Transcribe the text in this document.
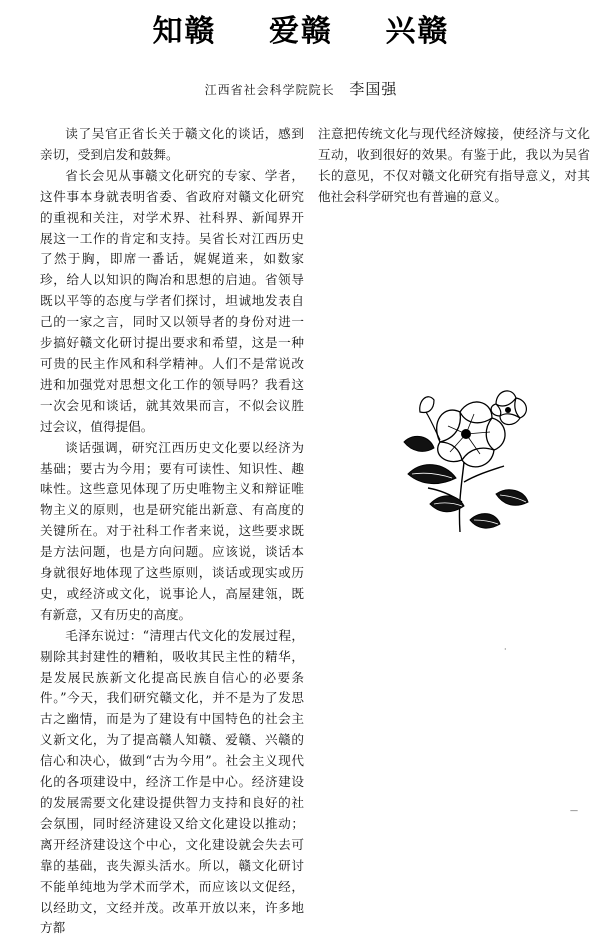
知赣 爱赣 兴赣
江西省社会科学院院长 李国强

读了吴官正省长关于赣文化的谈话，感到亲切，受到启发和鼓舞。

省长会见从事赣文化研究的专家、学者，这件事本身就表明省委、省政府对赣文化研究的重视和关注，对学术界、社科界、新闻界开展这一工作的肯定和支持。吴省长对江西历史了然于胸，即席一番话，娓娓道来，如数家珍，给人以知识的陶冶和思想的启迪。省领导既以平等的态度与学者们探讨，坦诚地发表自己的一家之言，同时又以领导者的身份对进一步搞好赣文化研讨提出要求和希望，这是一种可贵的民主作风和科学精神。人们不是常说改进和加强党对思想文化工作的领导吗？我看这一次会见和谈话，就其效果而言，不似会议胜过会议，值得提倡。

谈话强调，研究江西历史文化要以经济为基础；要古为今用；要有可读性、知识性、趣味性。这些意见体现了历史唯物主义和辩证唯物主义的原则，也是研究能出新意、有高度的关键所在。对于社科工作者来说，这些要求既是方法问题，也是方向问题。应该说，谈话本身就很好地体现了这些原则，谈话或现实或历史，或经济或文化，说事论人，高屋建瓴，既有新意，又有历史的高度。

毛泽东说过：“清理古代文化的发展过程，剔除其封建性的糟粕，吸收其民主性的精华，是发展民族新文化提高民族自信心的必要条件。”今天，我们研究赣文化，并不是为了发思古之幽情，而是为了建设有中国特色的社会主义新文化，为了提高赣人知赣、爱赣、兴赣的信心和决心，做到“古为今用”。社会主义现代化的各项建设中，经济工作是中心。经济建设的发展需要文化建设提供智力支持和良好的社会氛围，同时经济建设又给文化建设以推动；离开经济建设这个中心，文化建设就会失去可靠的基础，丧失源头活水。所以，赣文化研讨不能单纯地为学术而学术，而应该以文促经，以经助文，文经并茂。改革开放以来，许多地方都

注意把传统文化与现代经济嫁接，使经济与文化互动，收到很好的效果。有鉴于此，我以为吴省长的意见，不仅对赣文化研究有指导意义，对其他社会科学研究也有普遍的意义。

·
—
